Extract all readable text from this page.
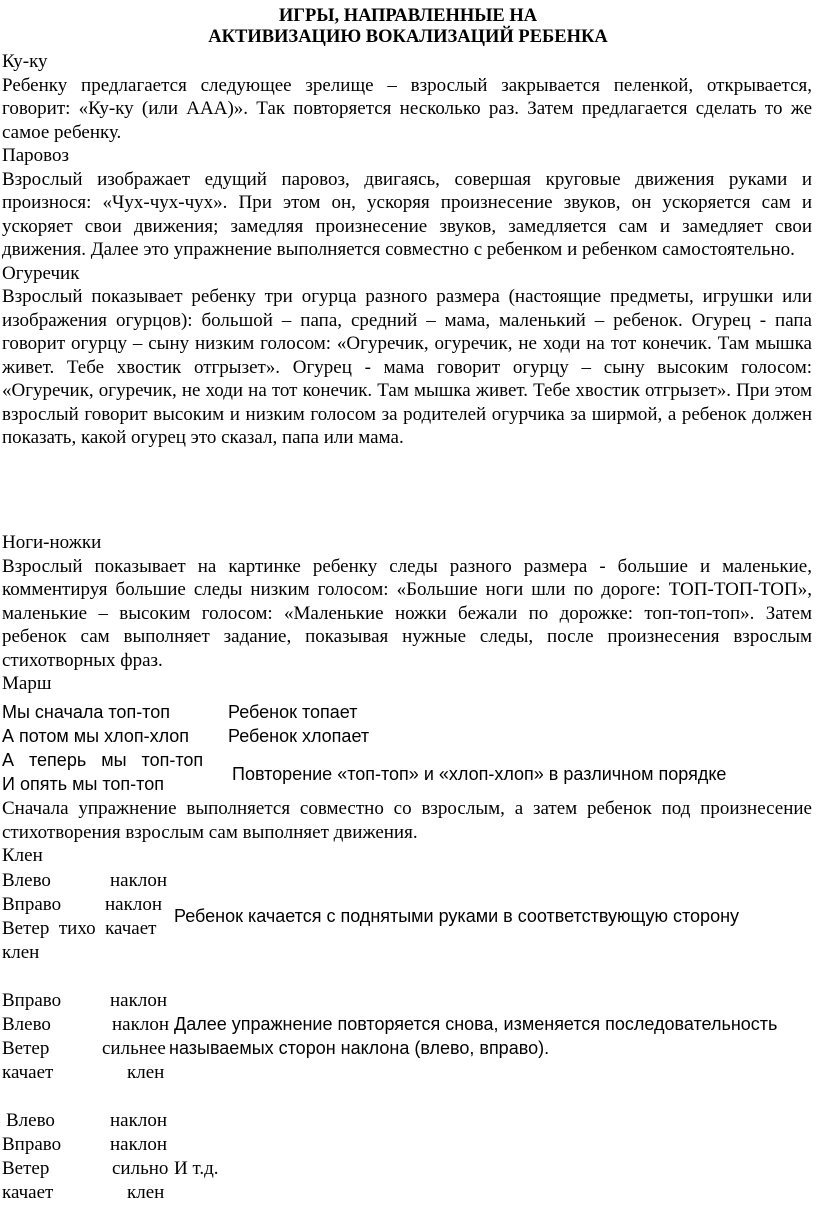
ИГРЫ, НАПРАВЛЕННЫЕ НА
АКТИВИЗАЦИЮ ВОКАЛИЗАЦИЙ РЕБЕНКА

Ку-ку

Ребенку предлагается следующее зрелище – взрослый закрывается пеленкой, открывается, говорит: «Ку-ку (или ААА)». Так повторяется несколько раз. Затем предлагается сделать то же самое ребенку.

Паровоз

Взрослый изображает едущий паровоз, двигаясь, совершая круговые движения руками и произнося: «Чух-чух-чух». При этом он, ускоряя произнесение звуков, он ускоряется сам и ускоряет свои движения; замедляя произнесение звуков, замедляется сам и замедляет свои движения. Далее это упражнение выполняется совместно с ребенком и ребенком самостоятельно.

Огуречик

Взрослый показывает ребенку три огурца разного размера (настоящие предметы, игрушки или изображения огурцов): большой – папа, средний – мама, маленький – ребенок. Огурец - папа говорит огурцу – сыну низким голосом: «Огуречик, огуречик, не ходи на тот конечик. Там мышка живет. Тебе хвостик отгрызет». Огурец - мама говорит огурцу – сыну высоким голосом: «Огуречик, огуречик, не ходи на тот конечик. Там мышка живет. Тебе хвостик отгрызет». При этом взрослый говорит высоким и низким голосом за родителей огурчика за ширмой, а ребенок должен показать, какой огурец это сказал, папа или мама.

Ноги-ножки

Взрослый показывает на картинке ребенку следы разного размера - большие и маленькие, комментируя большие следы низким голосом: «Большие ноги шли по дороге: ТОП-ТОП-ТОП», маленькие – высоким голосом: «Маленькие ножки бежали по дорожке: топ-топ-топ». Затем ребенок сам выполняет задание, показывая нужные следы, после произнесения взрослым стихотворных фраз.

Марш

Мы сначала топ-топ	Ребенок топает
А потом мы хлоп-хлоп Ребенок хлопает
А   теперь   мы   топ-топ
И опять мы топ-топ	Повторение «топ-топ» и «хлоп-хлоп» в различном порядке

Сначала упражнение выполняется совместно со взрослым, а затем ребенок под произнесение стихотворения взрослым сам выполняет движения.

Клен

Влево	наклон
Вправо наклон
Ветер  тихо  качает
клен
Ребенок качается с поднятыми руками в соответствующую сторону
Вправо	наклон
Влево	наклон
Ветер	сильнее
качает	клен
Далее упражнение повторяется снова, изменяется последовательность
называемых сторон наклона (влево, вправо).
Влево	наклон
Вправо	наклон
Ветер	сильно И т.д.
качает	клен
